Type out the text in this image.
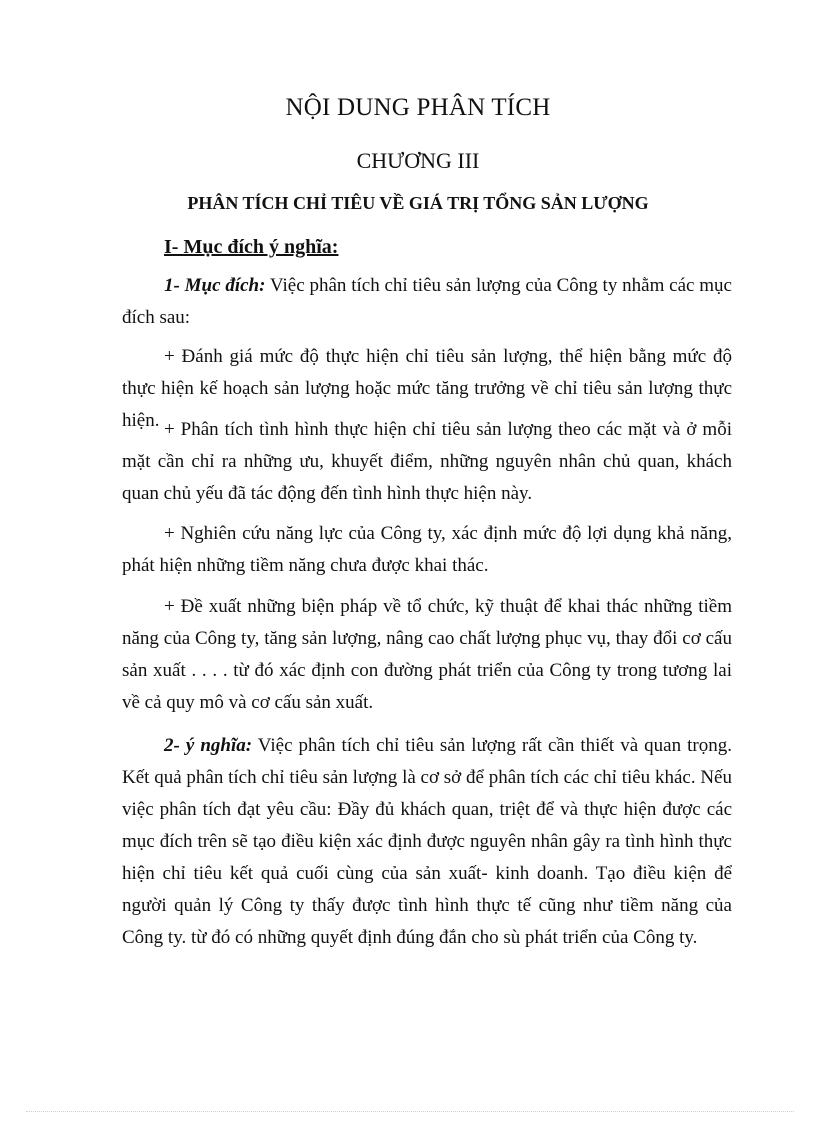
NỘI DUNG PHÂN TÍCH
CHƯƠNG III
PHÂN TÍCH CHỈ TIÊU VỀ GIÁ TRỊ TỔNG SẢN LƯỢNG
I- Mục đích ý nghĩa:

1- Mục đích: Việc phân tích chỉ tiêu sản lượng của Công ty nhằm các mục đích sau:

+ Đánh giá mức độ thực hiện chỉ tiêu sản lượng, thể hiện bằng mức độ thực hiện kế hoạch sản lượng hoặc mức tăng trưởng về chỉ tiêu sản lượng thực hiện. + Phân tích tình hình thực hiện chỉ tiêu sản lượng theo các mặt và ở mỗi mặt cần chỉ ra những ưu, khuyết điểm, những nguyên nhân chủ quan, khách quan chủ yếu đã tác động đến tình hình thực hiện này.

+ Nghiên cứu năng lực của Công ty, xác định mức độ lợi dụng khả năng, phát hiện những tiềm năng chưa được khai thác.

+ Đề xuất những biện pháp về tổ chức, kỹ thuật để khai thác những tiềm năng của Công ty, tăng sản lượng, nâng cao chất lượng phục vụ, thay đổi cơ cấu sản xuất . . . . từ đó xác định con đường phát triển của Công ty trong tương lai về cả quy mô và cơ cấu sản xuất.

2- ý nghĩa: Việc phân tích chỉ tiêu sản lượng rất cần thiết và quan trọng. Kết quả phân tích chỉ tiêu sản lượng là cơ sở để phân tích các chỉ tiêu khác. Nếu việc phân tích đạt yêu cầu: Đầy đủ khách quan, triệt để và thực hiện được các mục đích trên sẽ tạo điều kiện xác định được nguyên nhân gây ra tình hình thực hiện chỉ tiêu kết quả cuối cùng của sản xuất- kinh doanh. Tạo điều kiện để người quản lý Công ty thấy được tình hình thực tế cũng như tiềm năng của Công ty. từ đó có những quyết định đúng đắn cho sù phát triển của Công ty.
